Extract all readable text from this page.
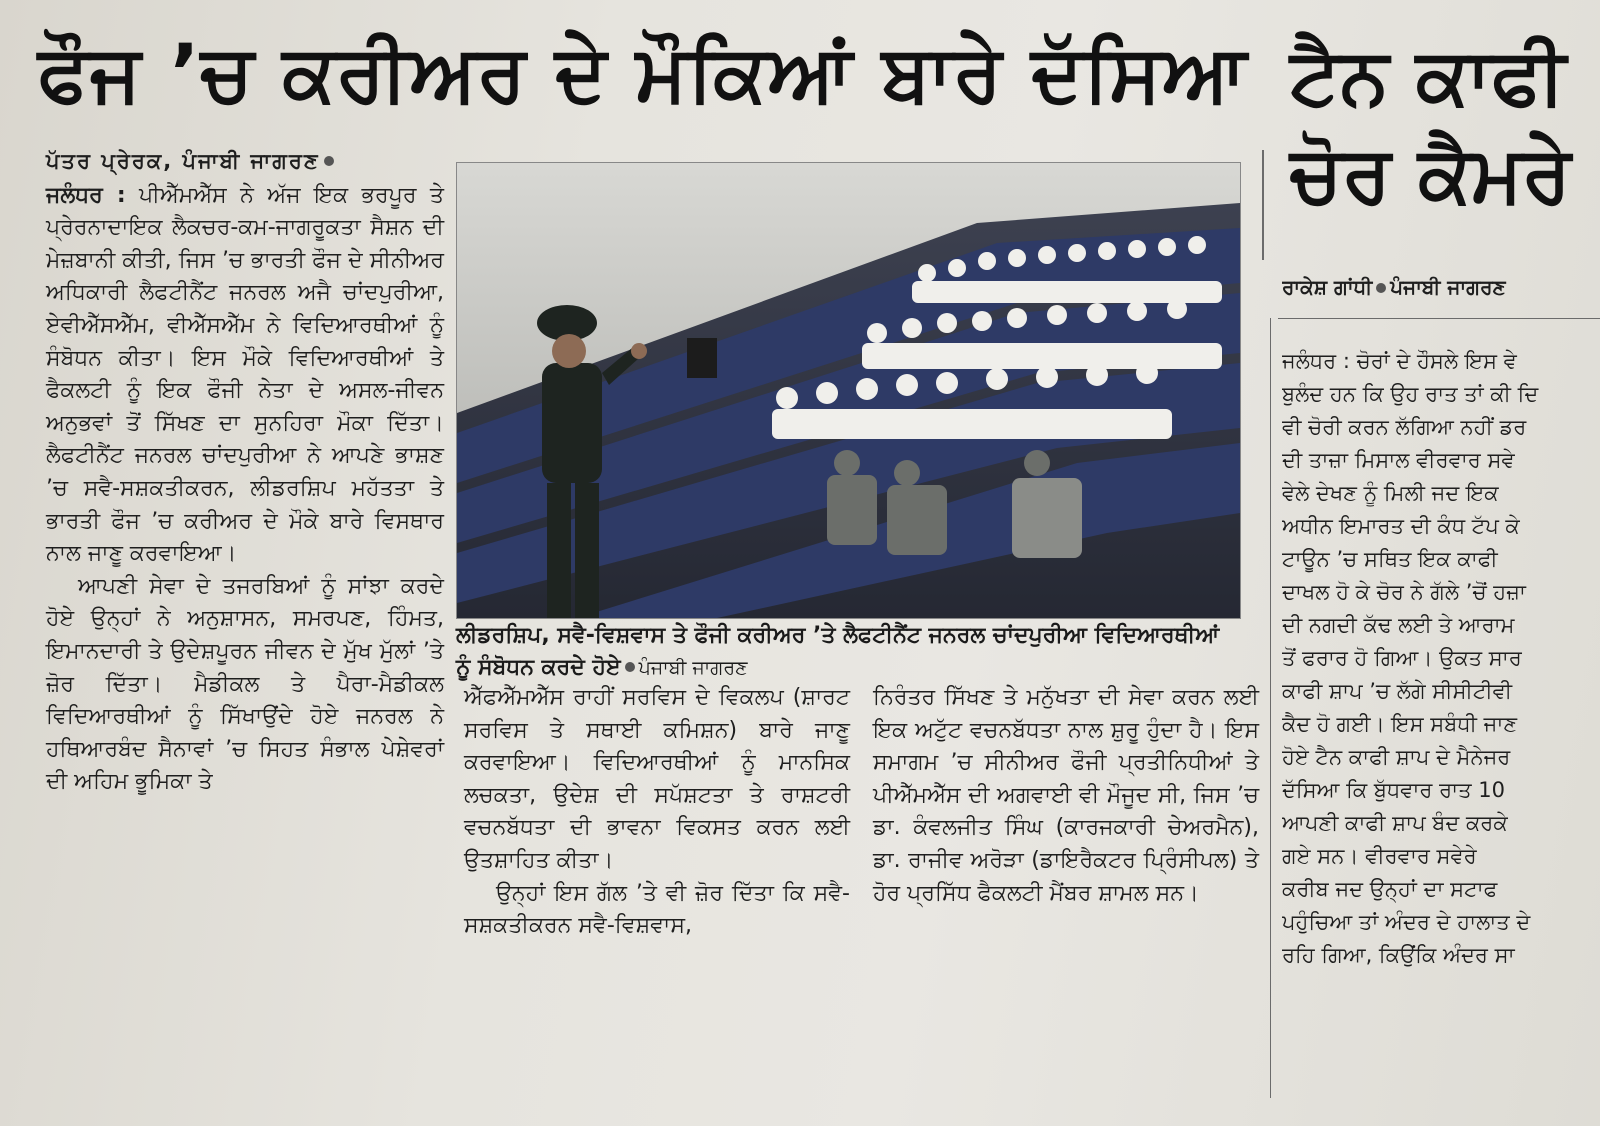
ਫੌਜ ’ਚ ਕਰੀਅਰ ਦੇ ਮੌਕਿਆਂ ਬਾਰੇ ਦੱਸਿਆ ਟੈਨ ਕਾਫੀ
ਚੋਰ ਕੈਮਰੇ
ਪੱਤਰ ਪ੍ਰੇਰਕ, ਪੰਜਾਬੀ ਜਾਗਰਣ

ਜਲੰਧਰ : ਪੀਐੱਮਐੱਸ ਨੇ ਅੱਜ ਇਕ ਭਰਪੂਰ ਤੇ ਪ੍ਰੇਰਨਾਦਾਇਕ ਲੈਕਚਰ-ਕਮ-ਜਾਗਰੂਕਤਾ ਸੈਸ਼ਨ ਦੀ ਮੇਜ਼ਬਾਨੀ ਕੀਤੀ, ਜਿਸ ’ਚ ਭਾਰਤੀ ਫੌਜ ਦੇ ਸੀਨੀਅਰ ਅਧਿਕਾਰੀ ਲੈਫਟੀਨੈਂਟ ਜਨਰਲ ਅਜੈ ਚਾਂਦਪੁਰੀਆ, ਏਵੀਐੱਸਐੱਮ, ਵੀਐੱਸਐੱਮ ਨੇ ਵਿਦਿਆਰਥੀਆਂ ਨੂੰ ਸੰਬੋਧਨ ਕੀਤਾ। ਇਸ ਮੌਕੇ ਵਿਦਿਆਰਥੀਆਂ ਤੇ ਫੈਕਲਟੀ ਨੂੰ ਇਕ ਫੌਜੀ ਨੇਤਾ ਦੇ ਅਸਲ-ਜੀਵਨ ਅਨੁਭਵਾਂ ਤੋਂ ਸਿੱਖਣ ਦਾ ਸੁਨਹਿਰਾ ਮੌਕਾ ਦਿੱਤਾ। ਲੈਫਟੀਨੈਂਟ ਜਨਰਲ ਚਾਂਦਪੁਰੀਆ ਨੇ ਆਪਣੇ ਭਾਸ਼ਣ ’ਚ ਸਵੈ-ਸਸ਼ਕਤੀਕਰਨ, ਲੀਡਰਸ਼ਿਪ ਮਹੱਤਤਾ ਤੇ ਭਾਰਤੀ ਫੌਜ ’ਚ ਕਰੀਅਰ ਦੇ ਮੌਕੇ ਬਾਰੇ ਵਿਸਥਾਰ ਨਾਲ ਜਾਣੂ ਕਰਵਾਇਆ।

ਆਪਣੀ ਸੇਵਾ ਦੇ ਤਜਰਬਿਆਂ ਨੂੰ ਸਾਂਝਾ ਕਰਦੇ ਹੋਏ ਉਨ੍ਹਾਂ ਨੇ ਅਨੁਸ਼ਾਸਨ, ਸਮਰਪਣ, ਹਿੰਮਤ, ਇਮਾਨਦਾਰੀ ਤੇ ਉਦੇਸ਼ਪੂਰਨ ਜੀਵਨ ਦੇ ਮੁੱਖ ਮੁੱਲਾਂ ’ਤੇ ਜ਼ੋਰ ਦਿੱਤਾ। ਮੈਡੀਕਲ ਤੇ ਪੈਰਾ-ਮੈਡੀਕਲ ਵਿਦਿਆਰਥੀਆਂ ਨੂੰ ਸਿੱਖਾਉਂਦੇ ਹੋਏ ਜਨਰਲ ਨੇ ਹਥਿਆਰਬੰਦ ਸੈਨਾਵਾਂ ’ਚ ਸਿਹਤ ਸੰਭਾਲ ਪੇਸ਼ੇਵਰਾਂ ਦੀ ਅਹਿਮ ਭੂਮਿਕਾ ਤੇ

ਲੀਡਰਸ਼ਿਪ, ਸਵੈ-ਵਿਸ਼ਵਾਸ ਤੇ ਫੌਜੀ ਕਰੀਅਰ ’ਤੇ ਲੈਫਟੀਨੈਂਟ ਜਨਰਲ ਚਾਂਦਪੁਰੀਆ ਵਿਦਿਆਰਥੀਆਂ ਨੂੰ ਸੰਬੋਧਨ ਕਰਦੇ ਹੋਏ ਪੰਜਾਬੀ ਜਾਗਰਣ

ਐੱਫਐੱਮਐੱਸ ਰਾਹੀਂ ਸਰਵਿਸ ਦੇ ਵਿਕਲਪ (ਸ਼ਾਰਟ ਸਰਵਿਸ ਤੇ ਸਥਾਈ ਕਮਿਸ਼ਨ) ਬਾਰੇ ਜਾਣੂ ਕਰਵਾਇਆ। ਵਿਦਿਆਰਥੀਆਂ ਨੂੰ ਮਾਨਸਿਕ ਲਚਕਤਾ, ਉਦੇਸ਼ ਦੀ ਸਪੱਸ਼ਟਤਾ ਤੇ ਰਾਸ਼ਟਰੀ ਵਚਨਬੱਧਤਾ ਦੀ ਭਾਵਨਾ ਵਿਕਸਤ ਕਰਨ ਲਈ ਉਤਸ਼ਾਹਿਤ ਕੀਤਾ।

ਉਨ੍ਹਾਂ ਇਸ ਗੱਲ ’ਤੇ ਵੀ ਜ਼ੋਰ ਦਿੱਤਾ ਕਿ ਸਵੈ-ਸਸ਼ਕਤੀਕਰਨ ਸਵੈ-ਵਿਸ਼ਵਾਸ,

ਨਿਰੰਤਰ ਸਿੱਖਣ ਤੇ ਮਨੁੱਖਤਾ ਦੀ ਸੇਵਾ ਕਰਨ ਲਈ ਇਕ ਅਟੁੱਟ ਵਚਨਬੱਧਤਾ ਨਾਲ ਸ਼ੁਰੂ ਹੁੰਦਾ ਹੈ। ਇਸ ਸਮਾਗਮ ’ਚ ਸੀਨੀਅਰ ਫੌਜੀ ਪ੍ਰਤੀਨਿਧੀਆਂ ਤੇ ਪੀਐੱਮਐੱਸ ਦੀ ਅਗਵਾਈ ਵੀ ਮੌਜੂਦ ਸੀ, ਜਿਸ ’ਚ ਡਾ. ਕੰਵਲਜੀਤ ਸਿੰਘ (ਕਾਰਜਕਾਰੀ ਚੇਅਰਮੈਨ), ਡਾ. ਰਾਜੀਵ ਅਰੋੜਾ (ਡਾਇਰੈਕਟਰ ਪ੍ਰਿੰਸੀਪਲ) ਤੇ ਹੋਰ ਪ੍ਰਸਿੱਧ ਫੈਕਲਟੀ ਮੈਂਬਰ ਸ਼ਾਮਲ ਸਨ।

ਰਾਕੇਸ਼ ਗਾਂਧੀ ਪੰਜਾਬੀ ਜਾਗਰਣ
ਜਲੰਧਰ : ਚੋਰਾਂ ਦੇ ਹੌਸਲੇ ਇਸ ਵੇ
ਬੁਲੰਦ ਹਨ ਕਿ ਉਹ ਰਾਤ ਤਾਂ ਕੀ ਦਿ
ਵੀ ਚੋਰੀ ਕਰਨ ਲੱਗਿਆ ਨਹੀਂ ਡਰ
ਦੀ ਤਾਜ਼ਾ ਮਿਸਾਲ ਵੀਰਵਾਰ ਸਵੇ
ਵੇਲੇ ਦੇਖਣ ਨੂੰ ਮਿਲੀ ਜਦ ਇਕ
ਅਧੀਨ ਇਮਾਰਤ ਦੀ ਕੰਧ ਟੱਪ ਕੇ
ਟਾਊਨ ’ਚ ਸਥਿਤ ਇਕ ਕਾਫੀ
ਦਾਖਲ ਹੋ ਕੇ ਚੋਰ ਨੇ ਗੱਲੇ ’ਚੋਂ ਹਜ਼ਾ
ਦੀ ਨਗਦੀ ਕੱਢ ਲਈ ਤੇ ਆਰਾਮ
ਤੋਂ ਫਰਾਰ ਹੋ ਗਿਆ। ਉਕਤ ਸਾਰ
ਕਾਫੀ ਸ਼ਾਪ ’ਚ ਲੱਗੇ ਸੀਸੀਟੀਵੀ
ਕੈਦ ਹੋ ਗਈ। ਇਸ ਸਬੰਧੀ ਜਾਣ
ਹੋਏ ਟੈਨ ਕਾਫੀ ਸ਼ਾਪ ਦੇ ਮੈਨੇਜਰ
ਦੱਸਿਆ ਕਿ ਬੁੱਧਵਾਰ ਰਾਤ 10
ਆਪਣੀ ਕਾਫੀ ਸ਼ਾਪ ਬੰਦ ਕਰਕੇ
ਗਏ ਸਨ। ਵੀਰਵਾਰ ਸਵੇਰੇ
ਕਰੀਬ ਜਦ ਉਨ੍ਹਾਂ ਦਾ ਸਟਾਫ
ਪਹੁੰਚਿਆ ਤਾਂ ਅੰਦਰ ਦੇ ਹਾਲਾਤ ਦੇ
ਰਹਿ ਗਿਆ, ਕਿਉਂਕਿ ਅੰਦਰ ਸਾ
